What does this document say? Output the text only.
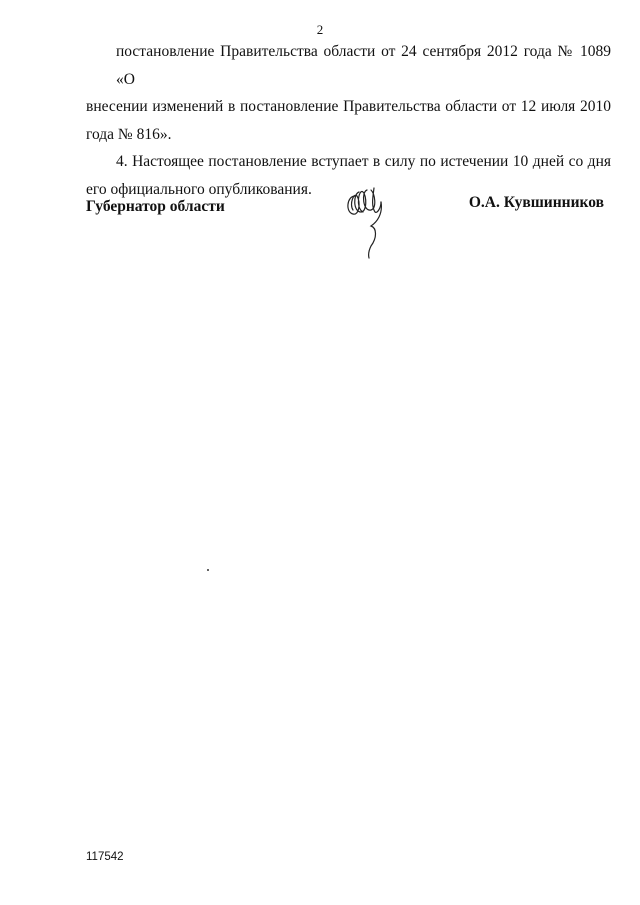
2
постановление Правительства области от 24 сентября 2012 года № 1089 «О
внесении изменений в постановление Правительства области от 12 июля 2010
года № 816».
4. Настоящее постановление вступает в силу по истечении 10 дней со дня
его официального опубликования.
Губернатор области	О.А. Кувшинников
117542
